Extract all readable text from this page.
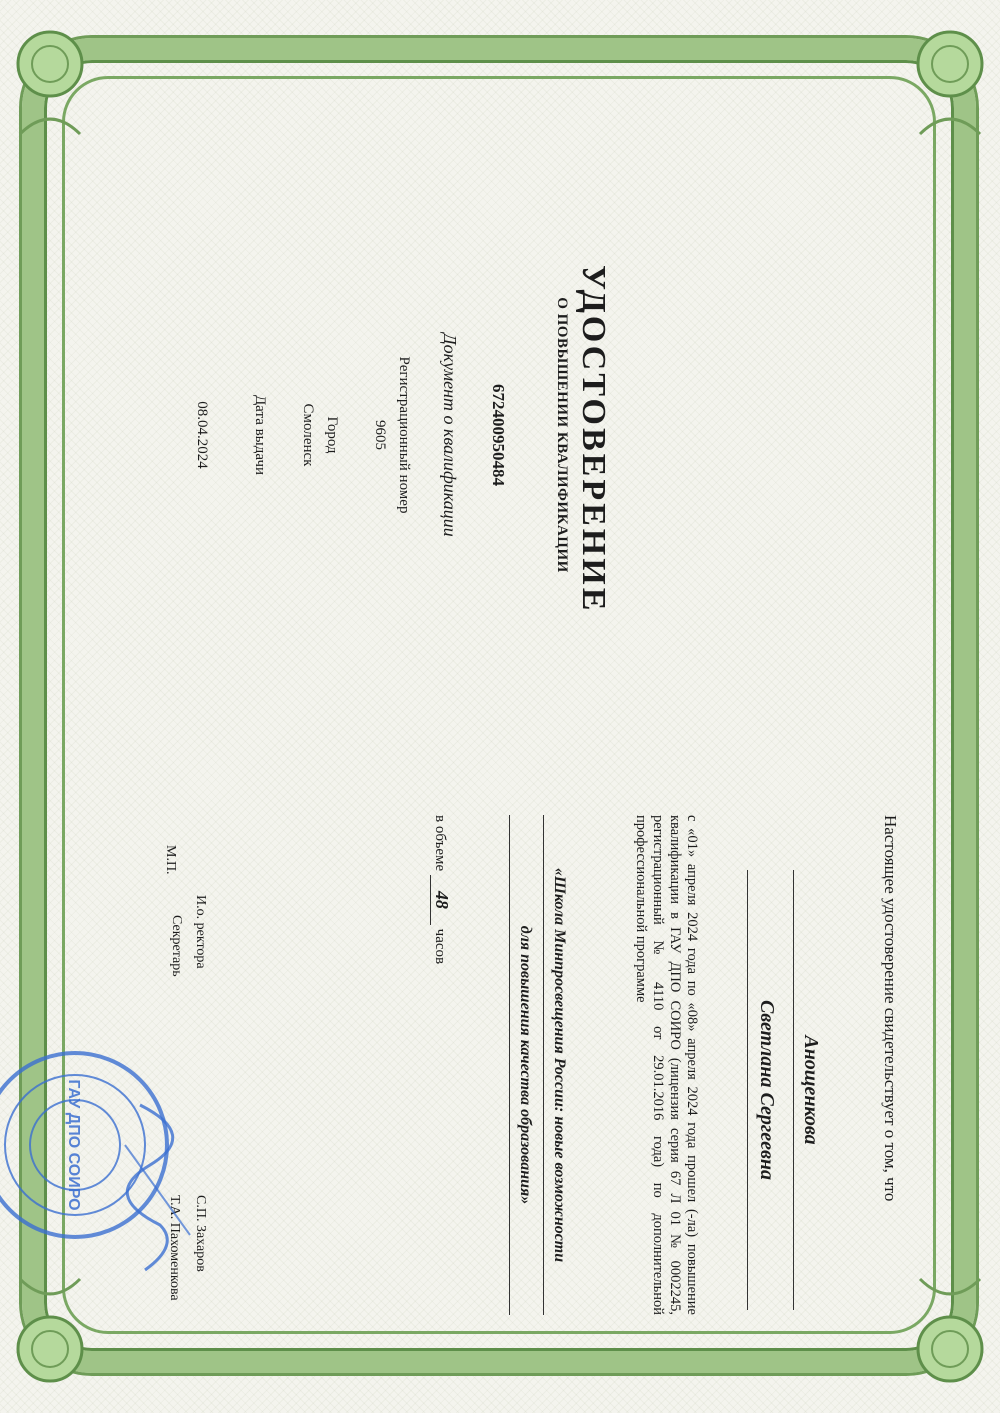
УДОСТОВЕРЕНИЕ
О ПОВЫШЕНИИ КВАЛИФИКАЦИИ
672400950484
Документ о квалификации
Регистрационный номер
9605
Город
Смоленск
Дата выдачи
08.04.2024
Настоящее удостоверение свидетельствует о том, что
Анощенкова
Светлана Сергеевна
с «01» апреля 2024 года по «08» апреля 2024 года прошел (-ла) повышение квалификации в ГАУ ДПО СОИРО (лицензия серия 67 Л 01 № 0002245, регистрационный № 4110 от 29.01.2016 года) по дополнительной профессиональной программе
«Школа Минпросвещения России: новые возможности
для повышения качества образования»
в объеме 48 часов
И.о. ректора
С.П. Захаров
Секретарь
Т.А. Пахоменкова
М.П.
ГАУ ДПО СОИРО
